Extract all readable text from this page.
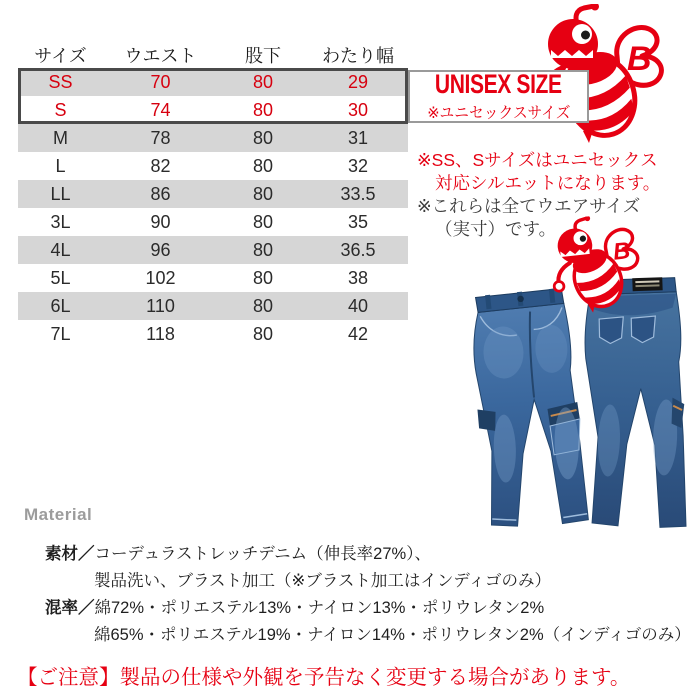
サイズ	ウエスト	股下	わたり幅
SS	70	80	29
S	74	80	30
M	78	80	31
L	82	80	32
LL	86	80	33.5
3L	90	80	35
4L	96	80	36.5
5L	102	80	38
6L	110	80	40
7L	118	80	42
UNISEX SIZE
※ユニセックスサイズ
※SS、Sサイズはユニセックス
対応シルエットになります。
※これらは全てウエアサイズ
（実寸）です。
Material
素材／ コーデュラストレッチデニム（伸長率27%）、
製品洗い、ブラスト加工（※ブラスト加工はインディゴのみ）
混率／ 綿72%・ポリエステル13%・ナイロン13%・ポリウレタン2%
綿65%・ポリエステル19%・ナイロン14%・ポリウレタン2%（インディゴのみ）
【ご注意】製品の仕様や外観を予告なく変更する場合があります。
